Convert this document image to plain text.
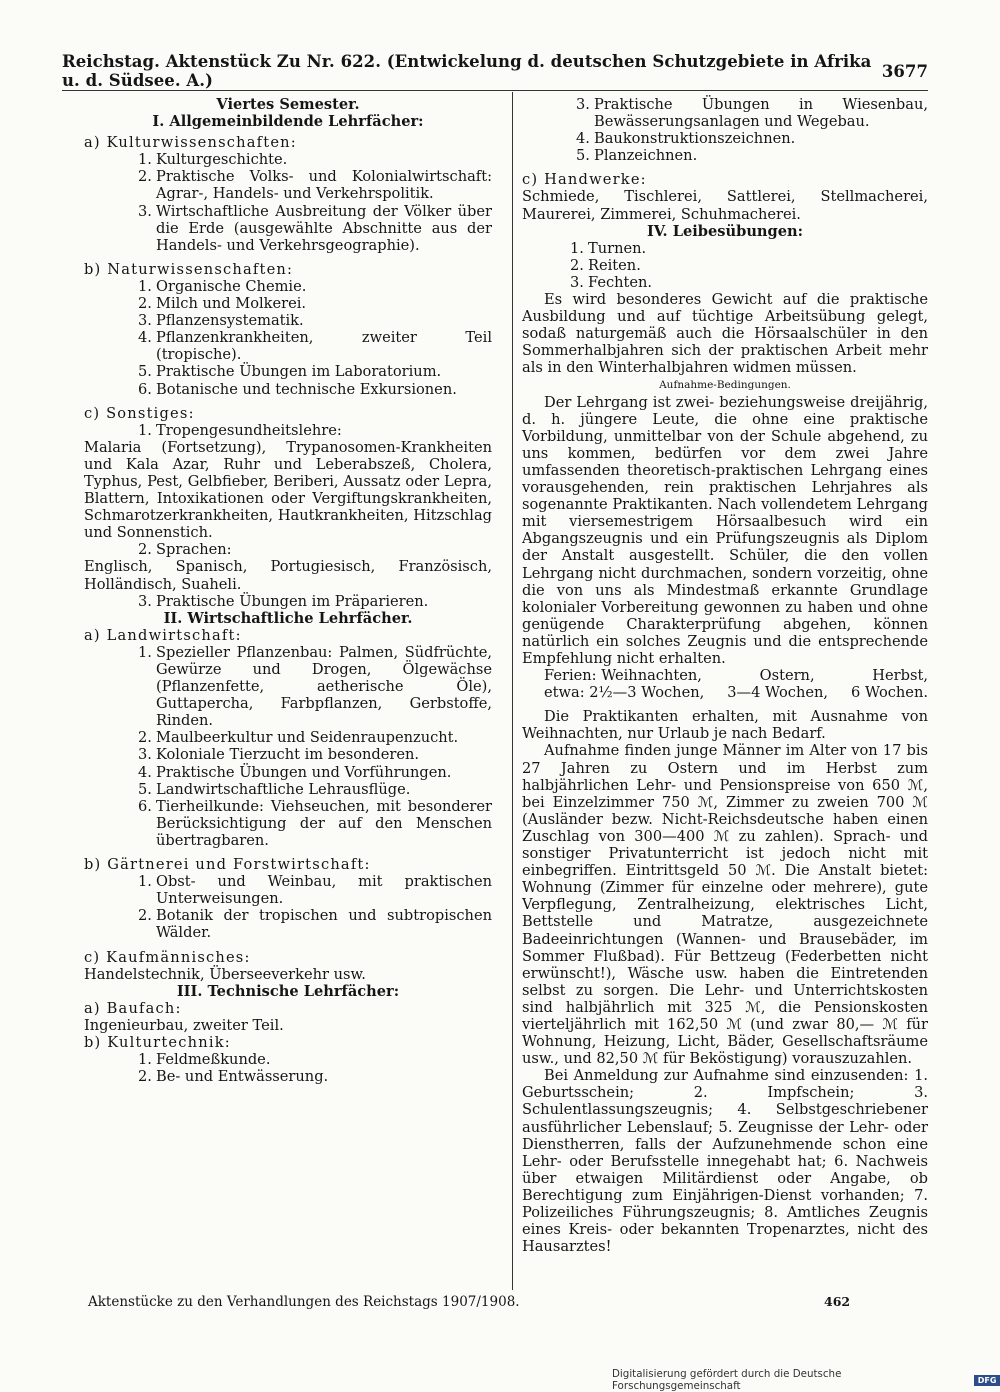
Reichstag. Aktenstück Zu Nr. 622. (Entwickelung d. deutschen Schutzgebiete in Afrika u. d. Südsee. A.)	3677

Viertes Semester.

I. Allgemeinbildende Lehrfächer:

a) Kulturwissenschaften:

1. Kulturgeschichte.
2. Praktische Volks- und Kolonialwirtschaft: Agrar-, Handels- und Verkehrspolitik.
3. Wirtschaftliche Ausbreitung der Völker über die Erde (ausgewählte Abschnitte aus der Handels- und Verkehrsgeographie).

b) Naturwissenschaften:

1. Organische Chemie.
2. Milch und Molkerei.
3. Pflanzensystematik.
4. Pflanzenkrankheiten, zweiter Teil (tropische).
5. Praktische Übungen im Laboratorium.
6. Botanische und technische Exkursionen.

c) Sonstiges:

1. Tropengesundheitslehre:

Malaria (Fortsetzung), Trypanosomen-Krankheiten und Kala Azar, Ruhr und Leberabszeß, Cholera, Typhus, Pest, Gelbfieber, Beriberi, Aussatz oder Lepra, Blattern, Intoxikationen oder Vergiftungskrankheiten, Schmarotzerkrankheiten, Hautkrankheiten, Hitzschlag und Sonnenstich.

2. Sprachen:

Englisch, Spanisch, Portugiesisch, Französisch, Holländisch, Suaheli.

3. Praktische Übungen im Präparieren.

II. Wirtschaftliche Lehrfächer.

a) Landwirtschaft:

1. Spezieller Pflanzenbau: Palmen, Südfrüchte, Gewürze und Drogen, Ölgewächse (Pflanzenfette, aetherische Öle), Guttapercha, Farbpflanzen, Gerbstoffe, Rinden.
2. Maulbeerkultur und Seidenraupenzucht.
3. Koloniale Tierzucht im besonderen.
4. Praktische Übungen und Vorführungen.
5. Landwirtschaftliche Lehrausflüge.
6. Tierheilkunde: Viehseuchen, mit besonderer Berücksichtigung der auf den Menschen übertragbaren.

b) Gärtnerei und Forstwirtschaft:

1. Obst- und Weinbau, mit praktischen Unterweisungen.
2. Botanik der tropischen und subtropischen Wälder.

c) Kaufmännisches:

Handelstechnik, Überseeverkehr usw.

III. Technische Lehrfächer:

a) Baufach:

Ingenieurbau, zweiter Teil.

b) Kulturtechnik:

1. Feldmeßkunde.
2. Be- und Entwässerung.
3. Praktische Übungen in Wiesenbau, Bewässerungsanlagen und Wegebau.
4. Baukonstruktionszeichnen.
5. Planzeichnen.

c) Handwerke:

Schmiede, Tischlerei, Sattlerei, Stellmacherei, Maurerei, Zimmerei, Schuhmacherei.

IV. Leibesübungen:

1. Turnen.
2. Reiten.
3. Fechten.

Es wird besonderes Gewicht auf die praktische Ausbildung und auf tüchtige Arbeitsübung gelegt, sodaß naturgemäß auch die Hörsaalschüler in den Sommerhalbjahren sich der praktischen Arbeit mehr als in den Winterhalbjahren widmen müssen.

Aufnahme-Bedingungen.

Der Lehrgang ist zwei- beziehungsweise dreijährig, d. h. jüngere Leute, die ohne eine praktische Vorbildung, unmittelbar von der Schule abgehend, zu uns kommen, bedürfen vor dem zwei Jahre umfassenden theoretisch-praktischen Lehrgang eines vorausgehenden, rein praktischen Lehrjahres als sogenannte Praktikanten. Nach vollendetem Lehrgang mit viersemestrigem Hörsaalbesuch wird ein Abgangszeugnis und ein Prüfungszeugnis als Diplom der Anstalt ausgestellt. Schüler, die den vollen Lehrgang nicht durchmachen, sondern vorzeitig, ohne die von uns als Mindestmaß erkannte Grundlage kolonialer Vorbereitung gewonnen zu haben und ohne genügende Charakterprüfung abgehen, können natürlich ein solches Zeugnis und die entsprechende Empfehlung nicht erhalten.

Ferien: Weihnachten,	Ostern,	Herbst,
etwa: 2½—3 Wochen, 3—4 Wochen, 6 Wochen.

Die Praktikanten erhalten, mit Ausnahme von Weihnachten, nur Urlaub je nach Bedarf.

Aufnahme finden junge Männer im Alter von 17 bis 27 Jahren zu Ostern und im Herbst zum halbjährlichen Lehr- und Pensionspreise von 650 ℳ, bei Einzelzimmer 750 ℳ, Zimmer zu zweien 700 ℳ (Ausländer bezw. Nicht-Reichsdeutsche haben einen Zuschlag von 300—400 ℳ zu zahlen). Sprach- und sonstiger Privatunterricht ist jedoch nicht mit einbegriffen. Eintrittsgeld 50 ℳ. Die Anstalt bietet: Wohnung (Zimmer für einzelne oder mehrere), gute Verpflegung, Zentralheizung, elektrisches Licht, Bettstelle und Matratze, ausgezeichnete Badeeinrichtungen (Wannen- und Brausebäder, im Sommer Flußbad). Für Bettzeug (Federbetten nicht erwünscht!), Wäsche usw. haben die Eintretenden selbst zu sorgen. Die Lehr- und Unterrichtskosten sind halbjährlich mit 325 ℳ, die Pensionskosten vierteljährlich mit 162,50 ℳ (und zwar 80,— ℳ für Wohnung, Heizung, Licht, Bäder, Gesellschaftsräume usw., und 82,50 ℳ für Beköstigung) vorauszuzahlen.

Bei Anmeldung zur Aufnahme sind einzusenden: 1. Geburtsschein; 2. Impfschein; 3. Schulentlassungszeugnis; 4. Selbstgeschriebener ausführlicher Lebenslauf; 5. Zeugnisse der Lehr- oder Dienstherren, falls der Aufzunehmende schon eine Lehr- oder Berufsstelle innegehabt hat; 6. Nachweis über etwaigen Militärdienst oder Angabe, ob Berechtigung zum Einjährigen-Dienst vorhanden; 7. Polizeiliches Führungszeugnis; 8. Amtliches Zeugnis eines Kreis- oder bekannten Tropenarztes, nicht des Hausarztes!

Aktenstücke zu den Verhandlungen des Reichstags 1907/1908.	462
Digitalisierung gefördert durch die Deutsche Forschungsgemeinschaft	DFG
